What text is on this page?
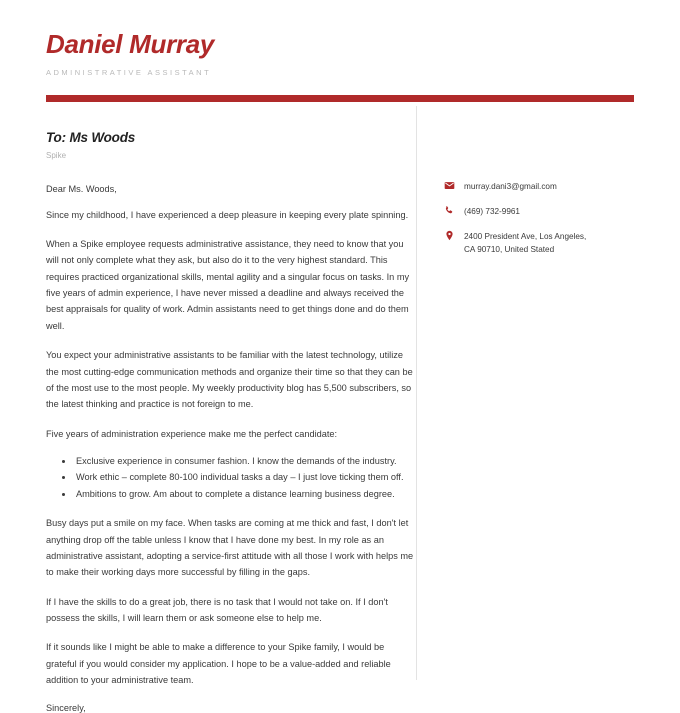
Daniel Murray
ADMINISTRATIVE ASSISTANT
To: Ms Woods
Spike
Dear Ms. Woods,

Since my childhood, I have experienced a deep pleasure in keeping every plate spinning.

When a Spike employee requests administrative assistance, they need to know that you will not only complete what they ask, but also do it to the very highest standard. This requires practiced organizational skills, mental agility and a singular focus on tasks. In my five years of admin experience, I have never missed a deadline and always received the best appraisals for quality of work. Admin assistants need to get things done and do them well.

You expect your administrative assistants to be familiar with the latest technology, utilize the most cutting-edge communication methods and organize their time so that they can be of the most use to the most people. My weekly productivity blog has 5,500 subscribers, so the latest thinking and practice is not foreign to me.

Five years of administration experience make me the perfect candidate:

• Exclusive experience in consumer fashion. I know the demands of the industry.
• Work ethic – complete 80-100 individual tasks a day – I just love ticking them off.
• Ambitions to grow. Am about to complete a distance learning business degree.

Busy days put a smile on my face. When tasks are coming at me thick and fast, I don't let anything drop off the table unless I know that I have done my best. In my role as an administrative assistant, adopting a service-first attitude with all those I work with helps me to make their working days more successful by filling in the gaps.

If I have the skills to do a great job, there is no task that I would not take on. If I don't possess the skills, I will learn them or ask someone else to help me.

If it sounds like I might be able to make a difference to your Spike family, I would be grateful if you would consider my application. I hope to be a value-added and reliable addition to your administrative team.

Sincerely,
murray.dani3@gmail.com
(469) 732-9961
2400 President Ave, Los Angeles,
CA 90710, United Stated
